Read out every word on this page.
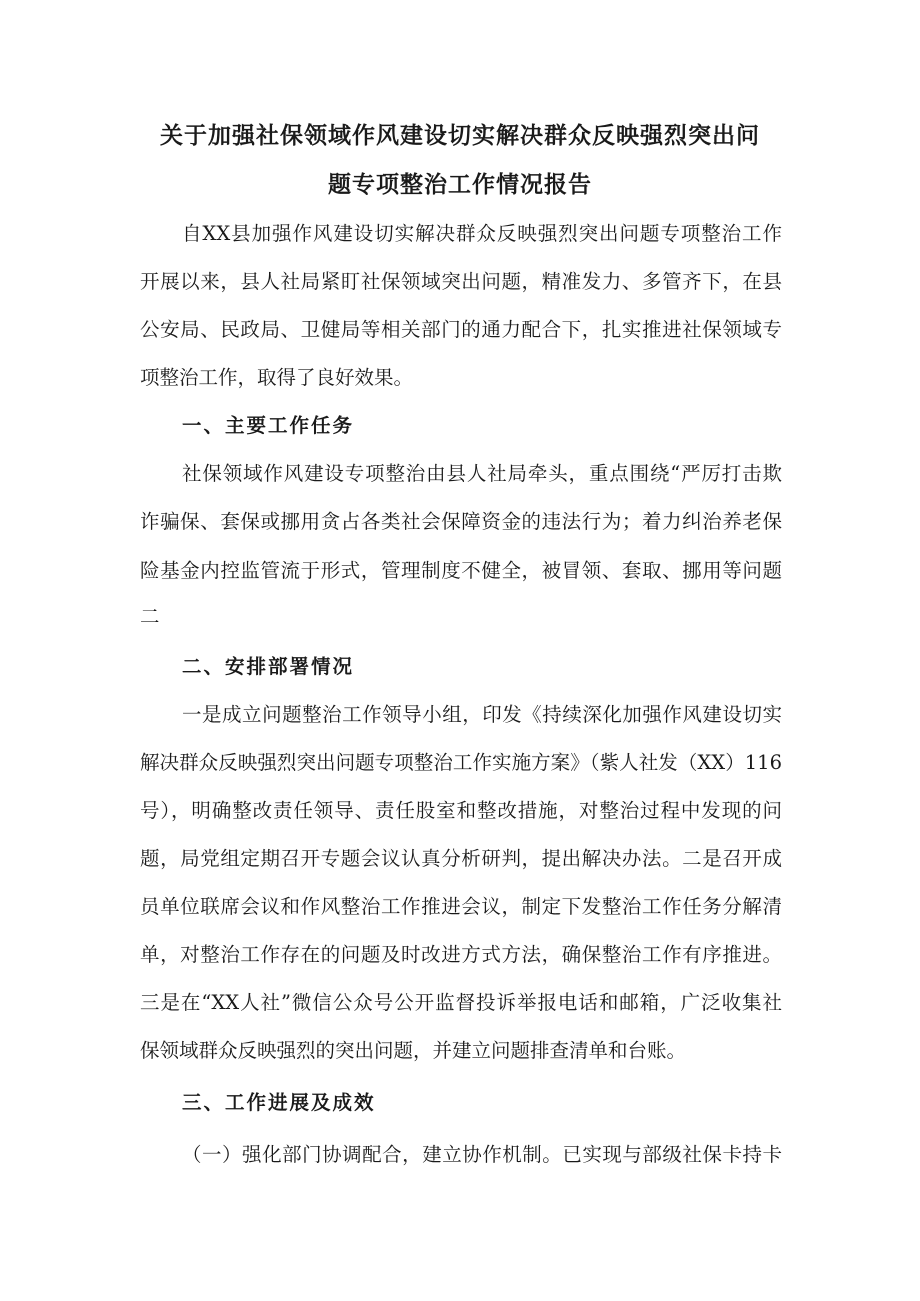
关于加强社保领域作风建设切实解决群众反映强烈突出问
题专项整治工作情况报告
自XX县加强作风建设切实解决群众反映强烈突出问题专项整治工作
开展以来，县人社局紧盯社保领域突出问题，精准发力、多管齐下，在县
公安局、民政局、卫健局等相关部门的通力配合下，扎实推进社保领域专
项整治工作，取得了良好效果。
一、主要工作任务
社保领域作风建设专项整治由县人社局牵头，重点围绕“严厉打击欺
诈骗保、套保或挪用贪占各类社会保障资金的违法行为；着力纠治养老保
险基金内控监管流于形式，管理制度不健全，被冒领、套取、挪用等问题
二
二、安排部署情况
一是成立问题整治工作领导小组，印发《持续深化加强作风建设切实
解决群众反映强烈突出问题专项整治工作实施方案》（紫人社发（XX）116
号），明确整改责任领导、责任股室和整改措施，对整治过程中发现的问
题，局党组定期召开专题会议认真分析研判，提出解决办法。二是召开成
员单位联席会议和作风整治工作推进会议，制定下发整治工作任务分解清
单，对整治工作存在的问题及时改进方式方法，确保整治工作有序推进。
三是在“XX人社”微信公众号公开监督投诉举报电话和邮箱，广泛收集社
保领域群众反映强烈的突出问题，并建立问题排查清单和台账。
三、工作进展及成效
（一）强化部门协调配合，建立协作机制。已实现与部级社保卡持卡
